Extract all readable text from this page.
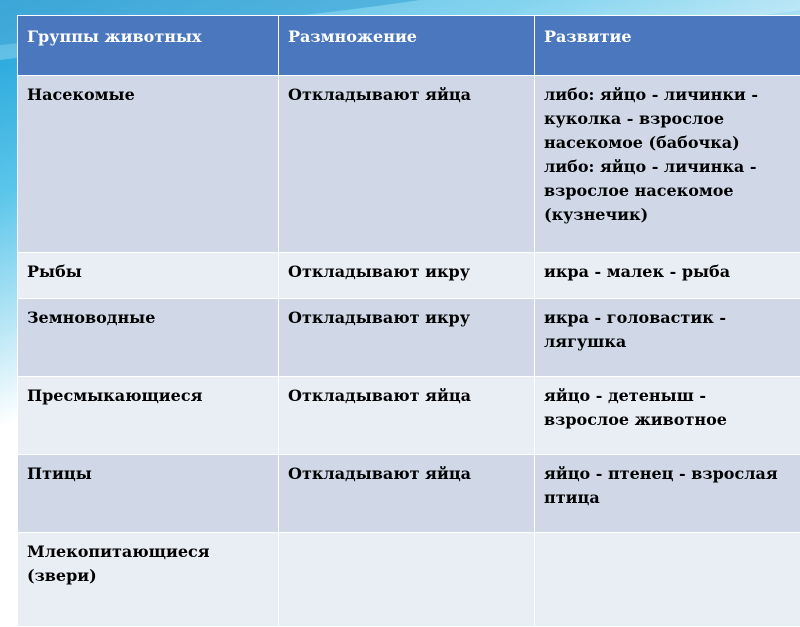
Группы животных	Размножение	Развитие
Насекомые	Откладывают яйца	либо: яйцо - личинки - куколка - взрослое насекомое (бабочка) либо: яйцо - личинка - взрослое насекомое (кузнечик)
Рыбы	Откладывают икру	икра - малек - рыба
Земноводные	Откладывают икру	икра - головастик - лягушка
Пресмыкающиеся	Откладывают яйца	яйцо - детеныш - взрослое животное
Птицы	Откладывают яйца	яйцо - птенец - взрослая птица
Млекопитающиеся (звери)		
